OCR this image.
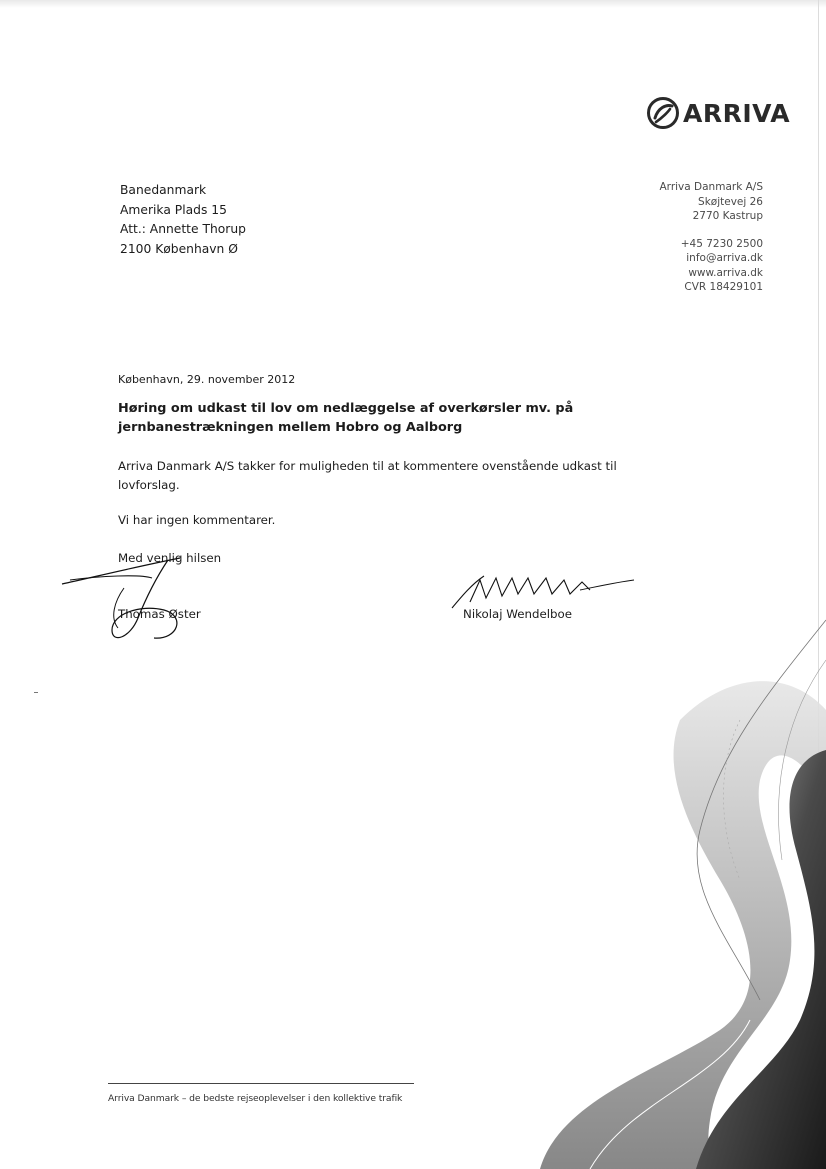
ARRIVA
Banedanmark
Amerika Plads 15
Att.: Annette Thorup
2100 København Ø
Arriva Danmark A/S
Skøjtevej 26
2770 Kastrup
+45 7230 2500
info@arriva.dk
www.arriva.dk
CVR 18429101
København, 29. november 2012
Høring om udkast til lov om nedlæggelse af overkørsler mv. på jernbanestrækningen mellem Hobro og Aalborg
Arriva Danmark A/S takker for muligheden til at kommentere ovenstående udkast til lovforslag.
Vi har ingen kommentarer.
Med venlig hilsen
Thomas Øster	Nikolaj Wendelboe
Arriva Danmark – de bedste rejseoplevelser i den kollektive trafik
